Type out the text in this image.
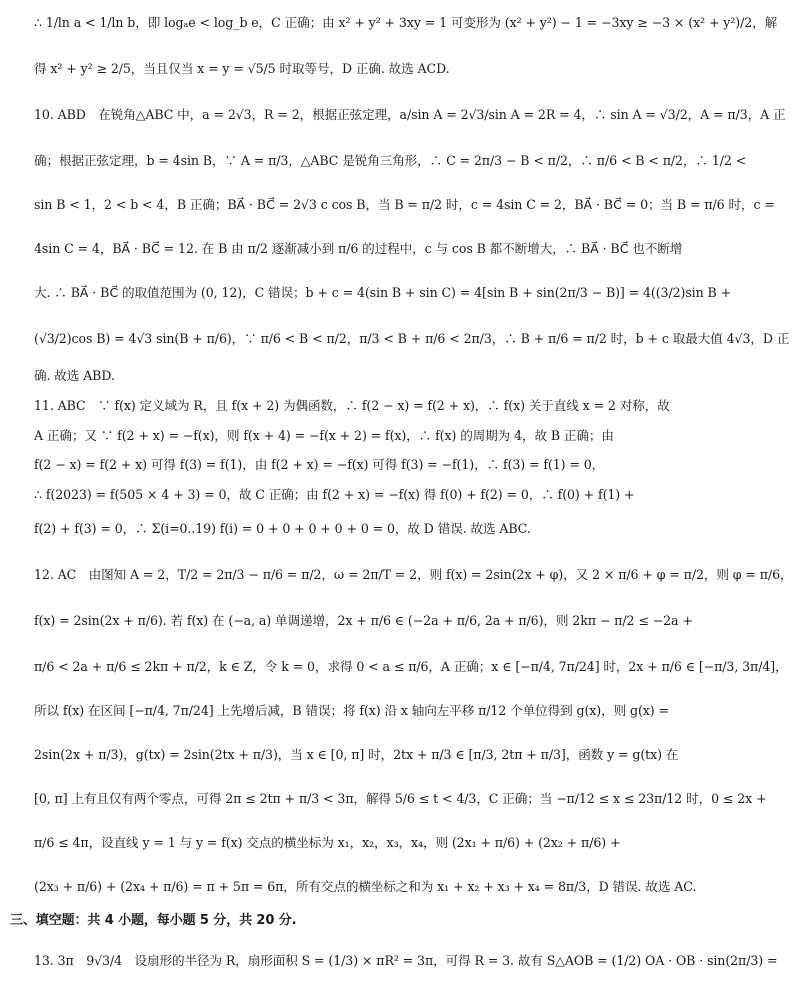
∴ 1/ln a < 1/ln b，即 logₐe < log_b e，C 正确；由 x² + y² + 3xy = 1 可变形为 (x² + y²) − 1 = −3xy ≥ −3 × (x² + y²)/2，解
得 x² + y² ≥ 2/5，当且仅当 x = y = √5/5 时取等号，D 正确. 故选 ACD.
10. ABD　在锐角△ABC 中，a = 2√3，R = 2，根据正弦定理，a/sin A = 2√3/sin A = 2R = 4，∴ sin A = √3/2，A = π/3，A 正
确；根据正弦定理，b = 4sin B，∵ A = π/3，△ABC 是锐角三角形，∴ C = 2π/3 − B < π/2，∴ π/6 < B < π/2，∴ 1/2 <
sin B < 1，2 < b < 4，B 正确；BA⃗ · BC⃗ = 2√3 c cos B，当 B = π/2 时，c = 4sin C = 2，BA⃗ · BC⃗ = 0；当 B = π/6 时，c =
4sin C = 4，BA⃗ · BC⃗ = 12. 在 B 由 π/2 逐渐减小到 π/6 的过程中，c 与 cos B 都不断增大，∴ BA⃗ · BC⃗ 也不断增
大. ∴ BA⃗ · BC⃗ 的取值范围为 (0, 12)，C 错误；b + c = 4(sin B + sin C) = 4[sin B + sin(2π/3 − B)] = 4((3/2)sin B +
(√3/2)cos B) = 4√3 sin(B + π/6)，∵ π/6 < B < π/2，π/3 < B + π/6 < 2π/3，∴ B + π/6 = π/2 时，b + c 取最大值 4√3，D 正
确. 故选 ABD.
11. ABC　∵ f(x) 定义域为 R，且 f(x + 2) 为偶函数，∴ f(2 − x) = f(2 + x)，∴ f(x) 关于直线 x = 2 对称，故
A 正确；又 ∵ f(2 + x) = −f(x)，则 f(x + 4) = −f(x + 2) = f(x)，∴ f(x) 的周期为 4，故 B 正确；由
f(2 − x) = f(2 + x) 可得 f(3) = f(1)，由 f(2 + x) = −f(x) 可得 f(3) = −f(1)，∴ f(3) = f(1) = 0，
∴ f(2023) = f(505 × 4 + 3) = 0，故 C 正确；由 f(2 + x) = −f(x) 得 f(0) + f(2) = 0，∴ f(0) + f(1) +
f(2) + f(3) = 0，∴ Σ(i=0..19) f(i) = 0 + 0 + 0 + 0 + 0 = 0，故 D 错误. 故选 ABC.
12. AC　由图知 A = 2，T/2 = 2π/3 − π/6 = π/2，ω = 2π/T = 2，则 f(x) = 2sin(2x + φ)，又 2 × π/6 + φ = π/2，则 φ = π/6，
f(x) = 2sin(2x + π/6). 若 f(x) 在 (−a, a) 单调递增，2x + π/6 ∈ (−2a + π/6, 2a + π/6)，则 2kπ − π/2 ≤ −2a +
π/6 < 2a + π/6 ≤ 2kπ + π/2，k ∈ Z，令 k = 0，求得 0 < a ≤ π/6，A 正确；x ∈ [−π/4, 7π/24] 时，2x + π/6 ∈ [−π/3, 3π/4]，
所以 f(x) 在区间 [−π/4, 7π/24] 上先增后减，B 错误；将 f(x) 沿 x 轴向左平移 π/12 个单位得到 g(x)，则 g(x) =
2sin(2x + π/3)，g(tx) = 2sin(2tx + π/3)，当 x ∈ [0, π] 时，2tx + π/3 ∈ [π/3, 2tπ + π/3]，函数 y = g(tx) 在
[0, π] 上有且仅有两个零点，可得 2π ≤ 2tπ + π/3 < 3π，解得 5/6 ≤ t < 4/3，C 正确；当 −π/12 ≤ x ≤ 23π/12 时，0 ≤ 2x +
π/6 ≤ 4π，设直线 y = 1 与 y = f(x) 交点的横坐标为 x₁，x₂，x₃，x₄，则 (2x₁ + π/6) + (2x₂ + π/6) +
(2x₃ + π/6) + (2x₄ + π/6) = π + 5π = 6π，所有交点的横坐标之和为 x₁ + x₂ + x₃ + x₄ = 8π/3，D 错误. 故选 AC.
三、填空题：共 4 小题，每小题 5 分，共 20 分.
13. 3π　9√3/4　设扇形的半径为 R，扇形面积 S = (1/3) × πR² = 3π，可得 R = 3. 故有 S△AOB = (1/2) OA · OB · sin(2π/3) =
